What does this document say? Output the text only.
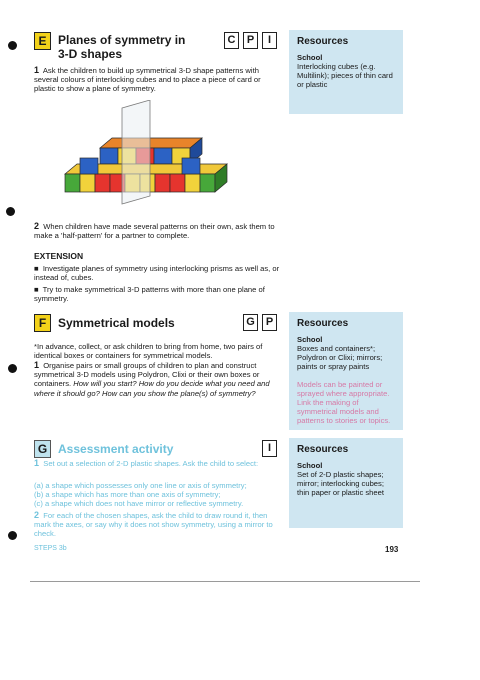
E Planes of symmetry in
3-D shapes
C	P	I
1 Ask the children to build up symmetrical 3-D shape patterns with several colours of interlocking cubes and to place a piece of card or plastic to show a plane of symmetry.
Resources
School
Interlocking cubes (e.g. Multilink); pieces of thin card or plastic
2 When children have made several patterns on their own, ask them to make a 'half-pattern' for a partner to complete.
EXTENSION
■  Investigate planes of symmetry using interlocking prisms as well as, or instead of, cubes.
■  Try to make symmetrical 3-D patterns with more than one plane of symmetry.
F Symmetrical models	G	P
*In advance, collect, or ask children to bring from home, two pairs of identical boxes or containers for symmetrical models.
1 Organise pairs or small groups of children to plan and construct symmetrical 3-D models using Polydron, Clixi or their own boxes or containers. How will you start? How do you decide what you need and where it should go? How can you show the plane(s) of symmetry?
Resources
School
Boxes and containers*; Polydron or Clixi; mirrors; paints or spray paints
Models can be painted or sprayed where appropriate.
Link the making of symmetrical models and patterns to stories or topics.
G Assessment activity	I
1 Set out a selection of 2-D plastic shapes. Ask the child to select:
(a) a shape which possesses only one line or axis of symmetry;
(b) a shape which has more than one axis of symmetry;
(c) a shape which does not have mirror or reflective symmetry.
2 For each of the chosen shapes, ask the child to draw round it, then mark the axes, or say why it does not show symmetry, using a mirror to check.
Resources
School
Set of 2-D plastic shapes; mirror; interlocking cubes; thin paper or plastic sheet
STEPS 3b	193
